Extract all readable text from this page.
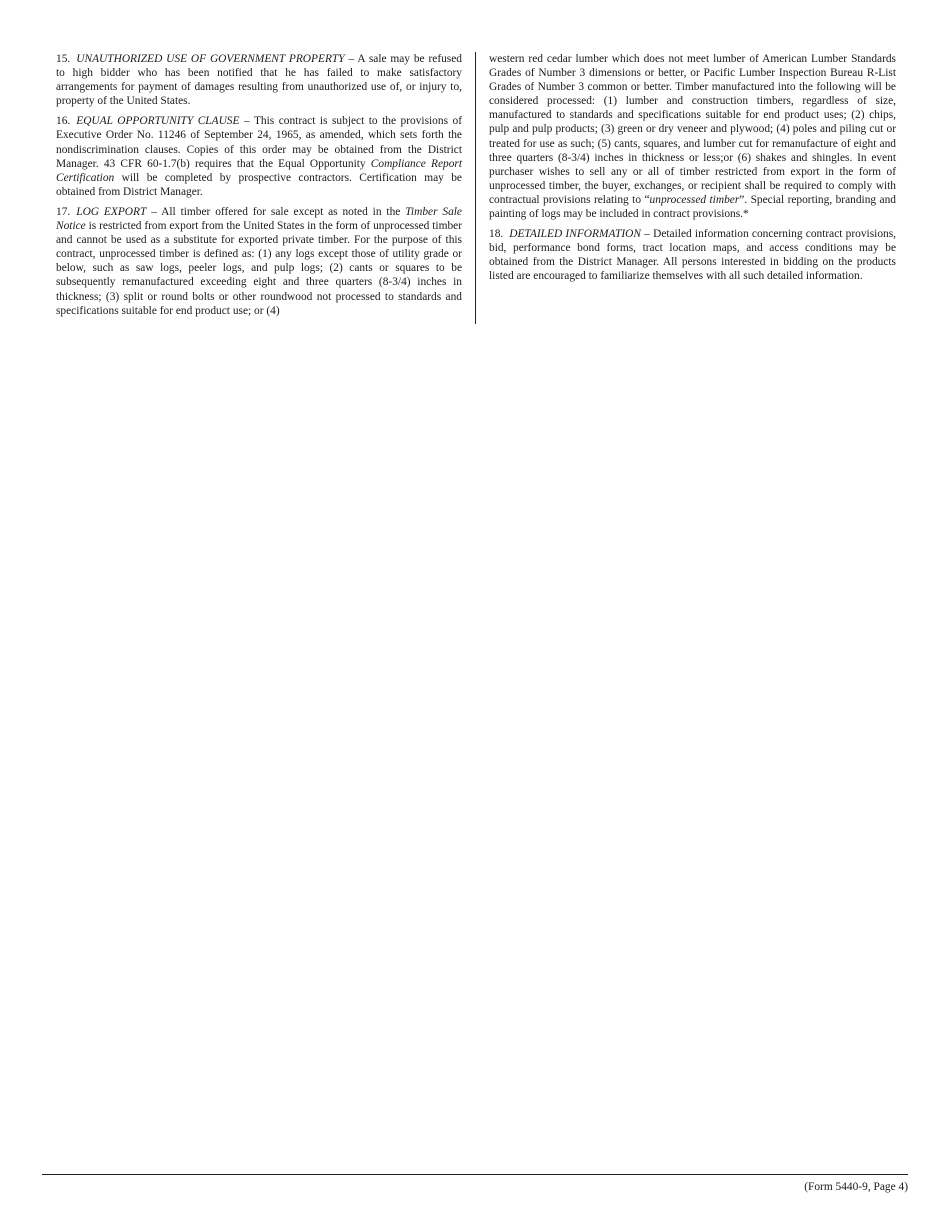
15. UNAUTHORIZED USE OF GOVERNMENT PROPERTY – A sale may be refused to high bidder who has been notified that he has failed to make satisfactory arrangements for payment of damages resulting from unauthorized use of, or injury to, property of the United States.

16. EQUAL OPPORTUNITY CLAUSE – This contract is subject to the provisions of Executive Order No. 11246 of September 24, 1965, as amended, which sets forth the nondiscrimination clauses. Copies of this order may be obtained from the District Manager. 43 CFR 60-1.7(b) requires that the Equal Opportunity Compliance Report Certification will be completed by prospective contractors. Certification may be obtained from District Manager.

17. LOG EXPORT – All timber offered for sale except as noted in the Timber Sale Notice is restricted from export from the United States in the form of unprocessed timber and cannot be used as a substitute for exported private timber. For the purpose of this contract, unprocessed timber is defined as: (1) any logs except those of utility grade or below, such as saw logs, peeler logs, and pulp logs; (2) cants or squares to be subsequently remanufactured exceeding eight and three quarters (8-3/4) inches in thickness; (3) split or round bolts or other roundwood not processed to standards and specifications suitable for end product use; or (4)

western red cedar lumber which does not meet lumber of American Lumber Standards Grades of Number 3 dimensions or better, or Pacific Lumber Inspection Bureau R-List Grades of Number 3 common or better. Timber manufactured into the following will be considered processed: (1) lumber and construction timbers, regardless of size, manufactured to standards and specifications suitable for end product uses; (2) chips, pulp and pulp products; (3) green or dry veneer and plywood; (4) poles and piling cut or treated for use as such; (5) cants, squares, and lumber cut for remanufacture of eight and three quarters (8-3/4) inches in thickness or less;or (6) shakes and shingles. In event purchaser wishes to sell any or all of timber restricted from export in the form of unprocessed timber, the buyer, exchanges, or recipient shall be required to comply with contractual provisions relating to “unprocessed timber”. Special reporting, branding and painting of logs may be included in contract provisions.*

18. DETAILED INFORMATION – Detailed information concerning contract provisions, bid, performance bond forms, tract location maps, and access conditions may be obtained from the District Manager. All persons interested in bidding on the products listed are encouraged to familiarize themselves with all such detailed information.

(Form 5440-9, Page 4)
